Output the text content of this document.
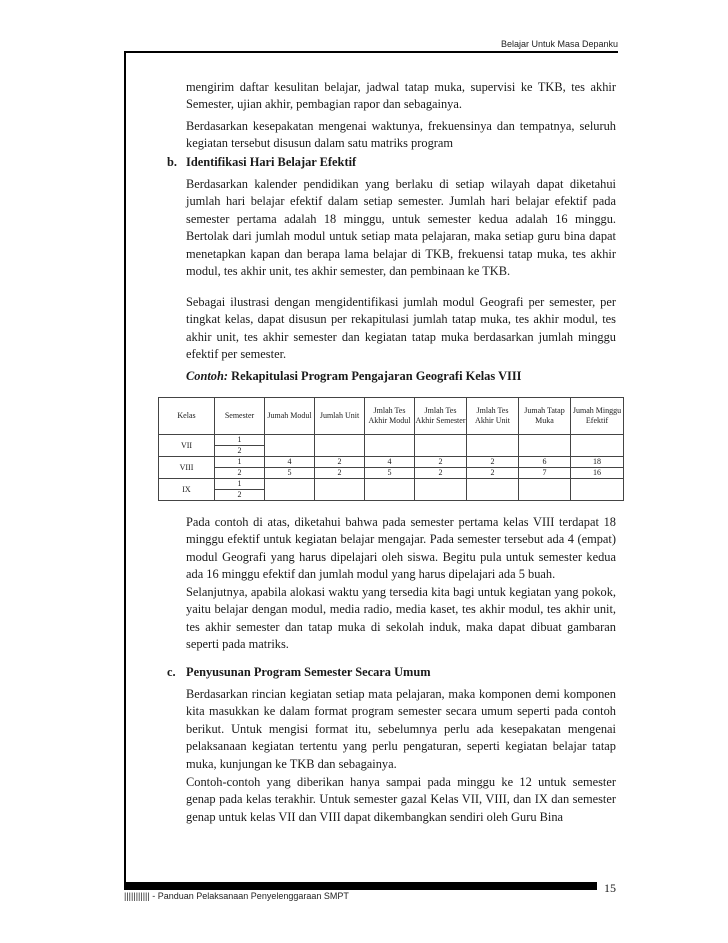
Belajar Untuk Masa Depanku

mengirim daftar kesulitan belajar, jadwal tatap muka, supervisi ke TKB, tes akhir Semester, ujian akhir, pembagian rapor dan sebagainya.

Berdasarkan kesepakatan mengenai waktunya, frekuensinya dan tempatnya, seluruh kegiatan tersebut disusun dalam satu matriks program

b. Identifikasi Hari Belajar Efektif

Berdasarkan kalender pendidikan yang berlaku di setiap wilayah dapat diketahui jumlah hari belajar efektif dalam setiap semester. Jumlah hari belajar efektif pada semester pertama adalah 18 minggu, untuk semester kedua adalah 16 minggu. Bertolak dari jumlah modul untuk setiap mata pelajaran, maka setiap guru bina dapat menetapkan kapan dan berapa lama belajar di TKB, frekuensi tatap muka, tes akhir modul, tes akhir unit, tes akhir semester, dan pembinaan ke TKB.

Sebagai ilustrasi dengan mengidentifikasi jumlah modul Geografi per semester, per tingkat kelas, dapat disusun per rekapitulasi jumlah tatap muka, tes akhir modul, tes akhir unit, tes akhir semester dan kegiatan tatap muka berdasarkan jumlah minggu efektif per semester.

Contoh: Rekapitulasi Program Pengajaran Geografi Kelas VIII
Kelas	Semester	Jumah Modul	Jumlah Unit	Jmlah Tes Akhir Modul	Jmlah Tes Akhir Semester	Jmlah Tes Akhir Unit	Jumah Tatap Muka	Jumah Minggu Efektif
VII	1							
	2							
VIII	1	4	2	4	2	2	6	18
	2	5	2	5	2	2	7	16
IX	1							
	2							

Pada contoh di atas, diketahui bahwa pada semester pertama kelas VIII terdapat 18 minggu efektif untuk kegiatan belajar mengajar. Pada semester tersebut ada 4 (empat) modul Geografi yang harus dipelajari oleh siswa. Begitu pula untuk semester kedua ada 16 minggu efektif dan jumlah modul yang harus dipelajari ada 5 buah.

Selanjutnya, apabila alokasi waktu yang tersedia kita bagi untuk kegiatan yang pokok, yaitu belajar dengan modul, media radio, media kaset, tes akhir modul, tes akhir unit, tes akhir semester dan tatap muka di sekolah induk, maka dapat dibuat gambaran seperti pada matriks.

c. Penyusunan Program Semester Secara Umum

Berdasarkan rincian kegiatan setiap mata pelajaran, maka komponen demi komponen kita masukkan ke dalam format program semester secara umum seperti pada contoh berikut. Untuk mengisi format itu, sebelumnya perlu ada kesepakatan mengenai pelaksanaan kegiatan tertentu yang perlu pengaturan, seperti kegiatan belajar tatap muka, kunjungan ke TKB dan sebagainya.

Contoh-contoh yang diberikan hanya sampai pada minggu ke 12 untuk semester genap pada kelas terakhir. Untuk semester gazal Kelas VII, VIII, dan IX dan semester genap untuk kelas VII dan VIII dapat dikembangkan sendiri oleh Guru Bina

||||||||||| - Panduan Pelaksanaan Penyelenggaraan SMPT
15
